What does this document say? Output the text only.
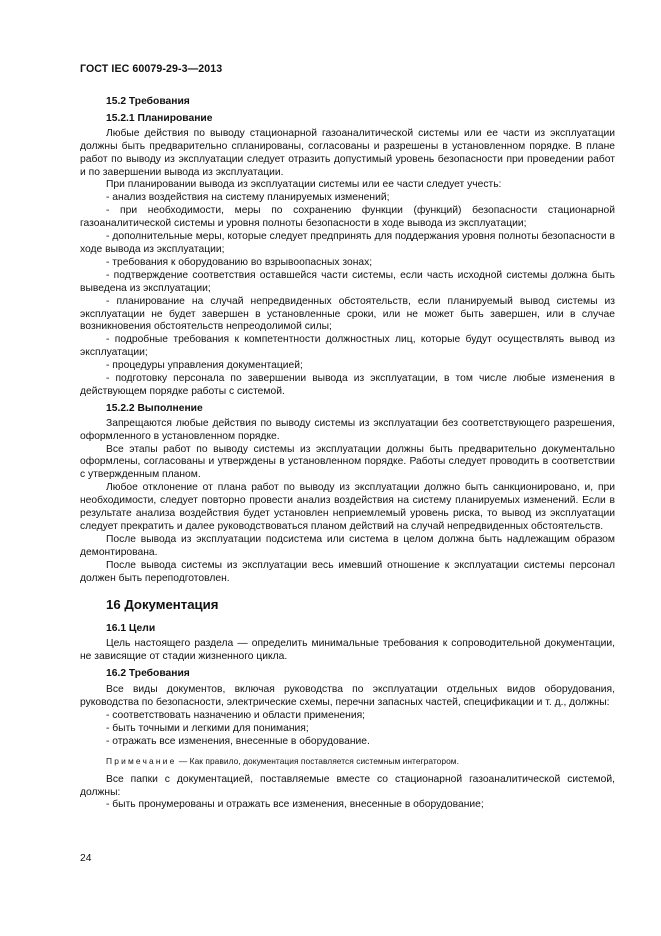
ГОСТ IEC 60079-29-3—2013

15.2 Требования

15.2.1 Планирование

Любые действия по выводу стационарной газоаналитической системы или ее части из эксплуатации должны быть предварительно спланированы, согласованы и разрешены в установленном порядке. В плане работ по выводу из эксплуатации следует отразить допустимый уровень безопасности при проведении работ и по завершении вывода из эксплуатации.

При планировании вывода из эксплуатации системы или ее части следует учесть:

- анализ воздействия на систему планируемых изменений;

- при необходимости, меры по сохранению функции (функций) безопасности стационарной газоаналитической системы и уровня полноты безопасности в ходе вывода из эксплуатации;

- дополнительные меры, которые следует предпринять для поддержания уровня полноты безопасности в ходе вывода из эксплуатации;

- требования к оборудованию во взрывоопасных зонах;

- подтверждение соответствия оставшейся части системы, если часть исходной системы должна быть выведена из эксплуатации;

- планирование на случай непредвиденных обстоятельств, если планируемый вывод системы из эксплуатации не будет завершен в установленные сроки, или не может быть завершен, или в случае возникновения обстоятельств непреодолимой силы;

- подробные требования к компетентности должностных лиц, которые будут осуществлять вывод из эксплуатации;

- процедуры управления документацией;

- подготовку персонала по завершении вывода из эксплуатации, в том числе любые изменения в действующем порядке работы с системой.

15.2.2 Выполнение

Запрещаются любые действия по выводу системы из эксплуатации без соответствующего разрешения, оформленного в установленном порядке.

Все этапы работ по выводу системы из эксплуатации должны быть предварительно документально оформлены, согласованы и утверждены в установленном порядке. Работы следует проводить в соответствии с утвержденным планом.

Любое отклонение от плана работ по выводу из эксплуатации должно быть санкционировано, и, при необходимости, следует повторно провести анализ воздействия на систему планируемых изменений. Если в результате анализа воздействия будет установлен неприемлемый уровень риска, то вывод из эксплуатации следует прекратить и далее руководствоваться планом действий на случай непредвиденных обстоятельств.

После вывода из эксплуатации подсистема или система в целом должна быть надлежащим образом демонтирована.

После вывода системы из эксплуатации весь имевший отношение к эксплуатации системы персонал должен быть переподготовлен.

16 Документация

16.1 Цели

Цель настоящего раздела — определить минимальные требования к сопроводительной документации, не зависящие от стадии жизненного цикла.

16.2 Требования

Все виды документов, включая руководства по эксплуатации отдельных видов оборудования, руководства по безопасности, электрические схемы, перечни запасных частей, спецификации и т. д., должны:

- соответствовать назначению и области применения;

- быть точными и легкими для понимания;

- отражать все изменения, внесенные в оборудование.

Примечание — Как правило, документация поставляется системным интегратором.

Все папки с документацией, поставляемые вместе со стационарной газоаналитической системой, должны:

- быть пронумерованы и отражать все изменения, внесенные в оборудование;

24
